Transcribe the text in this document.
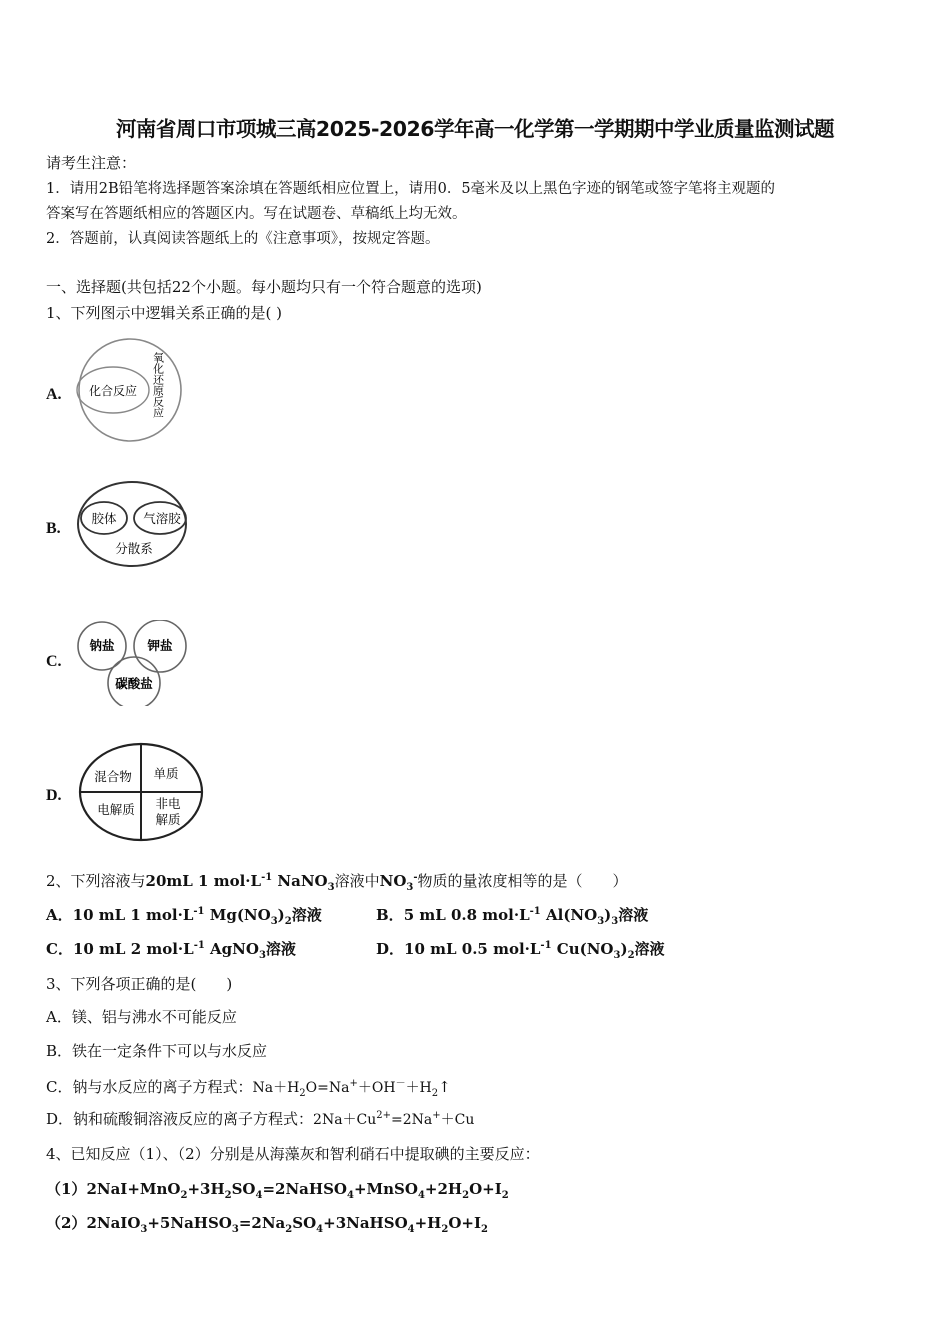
河南省周口市项城三高2025-2026学年高一化学第一学期期中学业质量监测试题
请考生注意：
1．请用2B铅笔将选择题答案涂填在答题纸相应位置上，请用0．5毫米及以上黑色字迹的钢笔或签字笔将主观题的
答案写在答题纸相应的答题区内。写在试题卷、草稿纸上均无效。
2．答题前，认真阅读答题纸上的《注意事项》，按规定答题。
一、选择题(共包括22个小题。每小题均只有一个符合题意的选项)
1、下列图示中逻辑关系正确的是( )
A. 化合反应 氧化还原反应
B.
胶体 气溶胶
分散系
C.
钠盐	钾盐
碳酸盐
D.
混合物 单质
电解质 非电
解质
2、下列溶液与20mL 1 $mol\cdot L^{-1}$ NaNO$_3$溶液中$NO_3^-$物质的量浓度相等的是（　　）
A．10 mL 1 $mol\cdot L^{-1}$ $Mg(NO_3)_2$溶液	B．5 mL 0.8 $mol\cdot L^{-1}$ $Al(NO_3)_3$溶液
C．10 mL 2 $mol\cdot L^{-1}$ AgNO$_3$溶液	D．10 mL 0.5 $mol\cdot L^{-1}$ $Cu(NO_3)_2$溶液
3、下列各项正确的是(　　)
A．镁、铝与沸水不可能反应
B．铁在一定条件下可以与水反应
C．钠与水反应的离子方程式：$Na+H_2O=Na^++OH^-+H_2↑$
D．钠和硫酸铜溶液反应的离子方程式：$2Na+Cu^{2+}=2Na^++Cu$
4、已知反应（1）、（2）分别是从海藻灰和智利硝石中提取碘的主要反应：
$(1)2NaI+MnO_2+3H_2SO_4=2NaHSO_4+MnSO_4+2H_2O+I_2$
$(2)2NaIO_3+5NaHSO_3=2Na_2SO_4+3NaHSO_4+H_2O+I_2$
